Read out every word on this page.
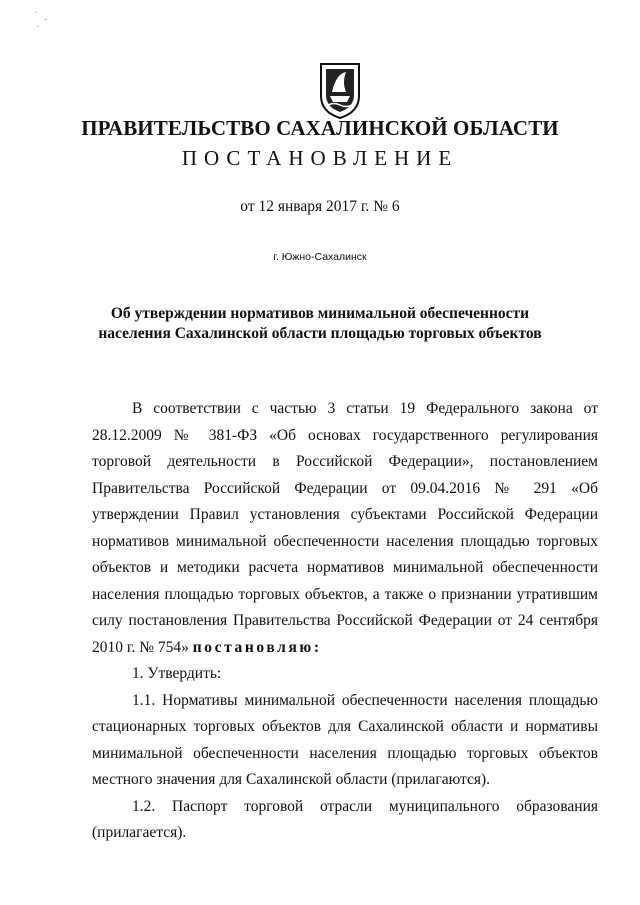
·
-
·
ПРАВИТЕЛЬСТВО САХАЛИНСКОЙ ОБЛАСТИ
ПОСТАНОВЛЕНИЕ
от 12 января 2017 г. № 6
г. Южно-Сахалинск
Об утверждении нормативов минимальной обеспеченности
населения Сахалинской области площадью торговых объектов

В соответствии с частью 3 статьи 19 Федерального закона от 28.12.2009 № 381-ФЗ «Об основах государственного регулирования торговой деятельности в Российской Федерации», постановлением Правительства Российской Федерации от 09.04.2016 № 291 «Об утверждении Правил установления субъектами Российской Федерации нормативов минимальной обеспеченности населения площадью торговых объектов и методики расчета нормативов минимальной обеспеченности населения площадью торговых объектов, а также о признании утратившим силу постановления Правительства Российской Федерации от 24 сентября 2010 г. № 754» постановляю:

1. Утвердить:

1.1. Нормативы минимальной обеспеченности населения площадью стационарных торговых объектов для Сахалинской области и нормативы минимальной обеспеченности населения площадью торговых объектов местного значения для Сахалинской области (прилагаются).

1.2. Паспорт торговой отрасли муниципального образования (прилагается).
